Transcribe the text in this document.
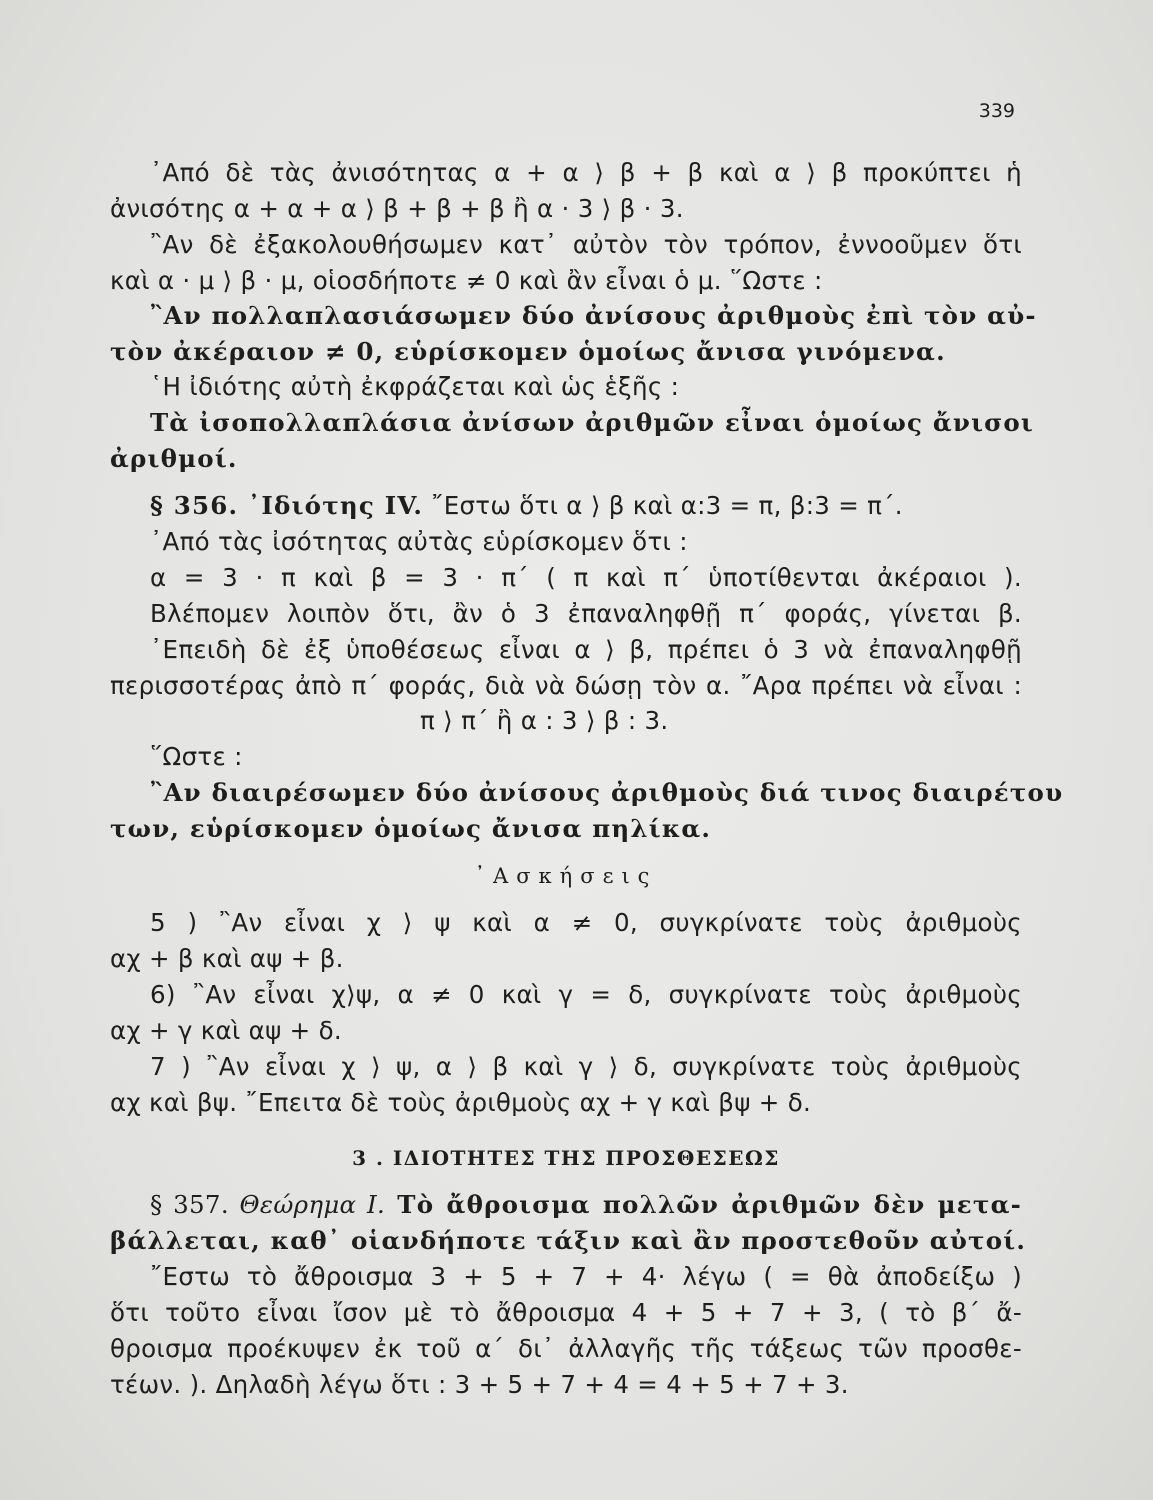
339
᾿Από δὲ τὰς ἀνισότητας α + α ⟩ β + β καὶ α ⟩ β προκύπτει ἡ
ἀνισότης α + α + α ⟩ β + β + β ἢ α · 3 ⟩ β · 3.
῍Αν δὲ ἐξακολουθήσωμεν κατ᾿ αὐτὸν τὸν τρόπον, ἐννοοῦμεν ὅτι
καὶ α · μ ⟩ β · μ, οἱοσδήποτε ≠ 0 καὶ ἂν εἶναι ὁ μ. ῞Ωστε :
῍Αν πολλαπλασιάσωμεν δύο ἀνίσους ἀριθμοὺς ἐπὶ τὸν αὐ-
τὸν ἀκέραιον ≠ 0, εὑρίσκομεν ὁμοίως ἄνισα γινόμενα.
῾Η ἰδιότης αὐτὴ ἐκφράζεται καὶ ὡς ἑξῆς :
Τὰ ἰσοπολλαπλάσια ἀνίσων ἀριθμῶν εἶναι ὁμοίως ἄνισοι
ἀριθμοί.
§ 356. ᾿Ιδιότης IV. ῎Εστω ὅτι α ⟩ β καὶ α:3 = π, β:3 = π΄.
᾿Από τὰς ἰσότητας αὐτὰς εὑρίσκομεν ὅτι :
α = 3 · π καὶ β = 3 · π΄ ( π καὶ π΄ ὑποτίθενται ἀκέραιοι ).
Βλέπομεν λοιπὸν ὅτι, ἂν ὁ 3 ἐπαναληφθῇ π΄ φοράς, γίνεται β.
᾿Επειδὴ δὲ ἐξ ὑποθέσεως εἶναι α ⟩ β, πρέπει ὁ 3 νὰ ἐπαναληφθῇ
περισσοτέρας ἀπὸ π΄ φοράς, διὰ νὰ δώσῃ τὸν α. ῎Αρα πρέπει νὰ εἶναι :
π ⟩ π΄ ἢ α : 3 ⟩ β : 3.
῞Ωστε :
῍Αν διαιρέσωμεν δύο ἀνίσους ἀριθμοὺς διά τινος διαιρέτου
των, εὑρίσκομεν ὁμοίως ἄνισα πηλίκα.
᾿Ασκήσεις
5 ) ῍Αν εἶναι χ ⟩ ψ καὶ α ≠ 0, συγκρίνατε τοὺς ἀριθμοὺς
αχ + β καὶ αψ + β.
6) ῍Αν εἶναι χ⟩ψ, α ≠ 0 καὶ γ = δ, συγκρίνατε τοὺς ἀριθμοὺς
αχ + γ καὶ αψ + δ.
7 ) ῍Αν εἶναι χ ⟩ ψ, α ⟩ β καὶ γ ⟩ δ, συγκρίνατε τοὺς ἀριθμοὺς
αχ καὶ βψ. ῎Επειτα δὲ τοὺς ἀριθμοὺς αχ + γ καὶ βψ + δ.
3 . ΙΔΙΟΤΗΤΕΣ ΤΗΣ ΠΡΟΣΘΕΣΕΩΣ
§ 357. Θεώρημα Ι. Τὸ ἄθροισμα πολλῶν ἀριθμῶν δὲν μετα-
βάλλεται, καθ᾿ οἱανδήποτε τάξιν καὶ ἂν προστεθοῦν αὐτοί.
῎Εστω τὸ ἄθροισμα 3 + 5 + 7 + 4· λέγω ( = θὰ ἀποδείξω )
ὅτι τοῦτο εἶναι ἴσον μὲ τὸ ἄθροισμα 4 + 5 + 7 + 3, ( τὸ β΄ ἄ-
θροισμα προέκυψεν ἐκ τοῦ α΄ δι᾿ ἀλλαγῆς τῆς τάξεως τῶν προσθε-
τέων. ). Δηλαδὴ λέγω ὅτι : 3 + 5 + 7 + 4 = 4 + 5 + 7 + 3.
